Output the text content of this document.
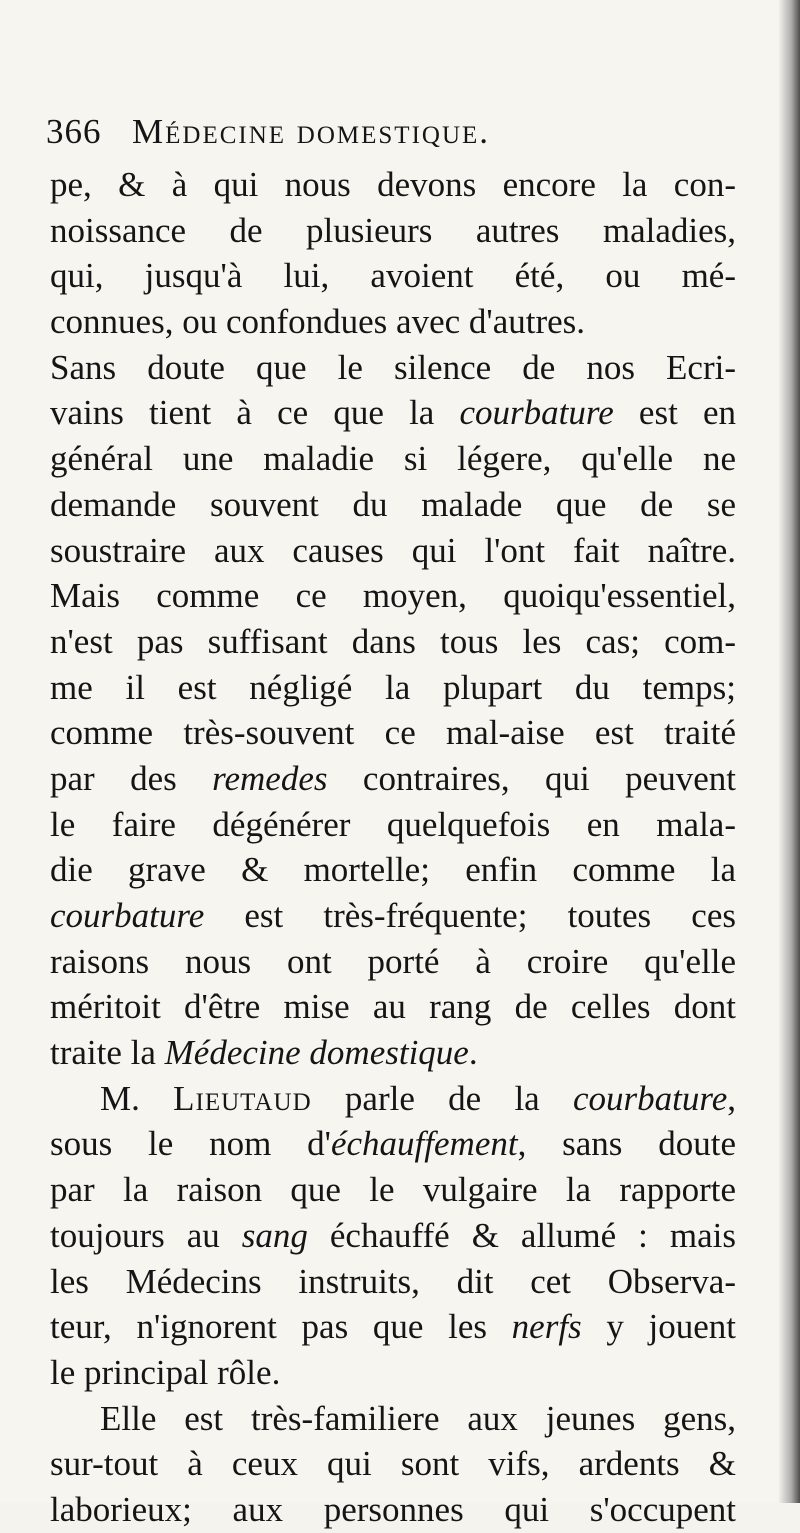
366 Médecine domestique.
pe, & à qui nous devons encore la con-
noissance de plusieurs autres maladies,
qui, jusqu'à lui, avoient été, ou mé-
connues, ou confondues avec d'autres.
Sans doute que le silence de nos Ecri-
vains tient à ce que la courbature est en
général une maladie si légere, qu'elle ne
demande souvent du malade que de se
soustraire aux causes qui l'ont fait naître.
Mais comme ce moyen, quoiqu'essentiel,
n'est pas suffisant dans tous les cas; com-
me il est négligé la plupart du temps;
comme très-souvent ce mal-aise est traité
par des remedes contraires, qui peuvent
le faire dégénérer quelquefois en mala-
die grave & mortelle; enfin comme la
courbature est très-fréquente; toutes ces
raisons nous ont porté à croire qu'elle
méritoit d'être mise au rang de celles dont
traite la Médecine domestique.
M. Lieutaud parle de la courbature,
sous le nom d'échauffement, sans doute
par la raison que le vulgaire la rapporte
toujours au sang échauffé & allumé : mais
les Médecins instruits, dit cet Observa-
teur, n'ignorent pas que les nerfs y jouent
le principal rôle.
Elle est très-familiere aux jeunes gens,
sur-tout à ceux qui sont vifs, ardents &
laborieux; aux personnes qui s'occupent
